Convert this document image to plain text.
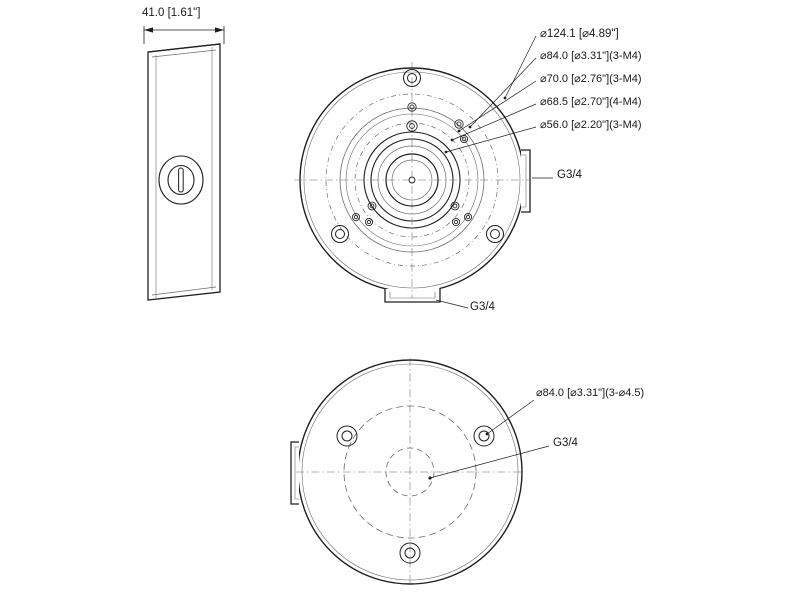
41.0 [1.61"]
⌀124.1 [⌀4.89"]
⌀84.0 [⌀3.31"](3-M4)
⌀70.0 [⌀2.76"](3-M4)
⌀68.5 [⌀2.70"](4-M4)
⌀56.0 [⌀2.20"](3-M4)
G3/4
G3/4
⌀84.0 [⌀3.31"](3-⌀4.5)
G3/4
